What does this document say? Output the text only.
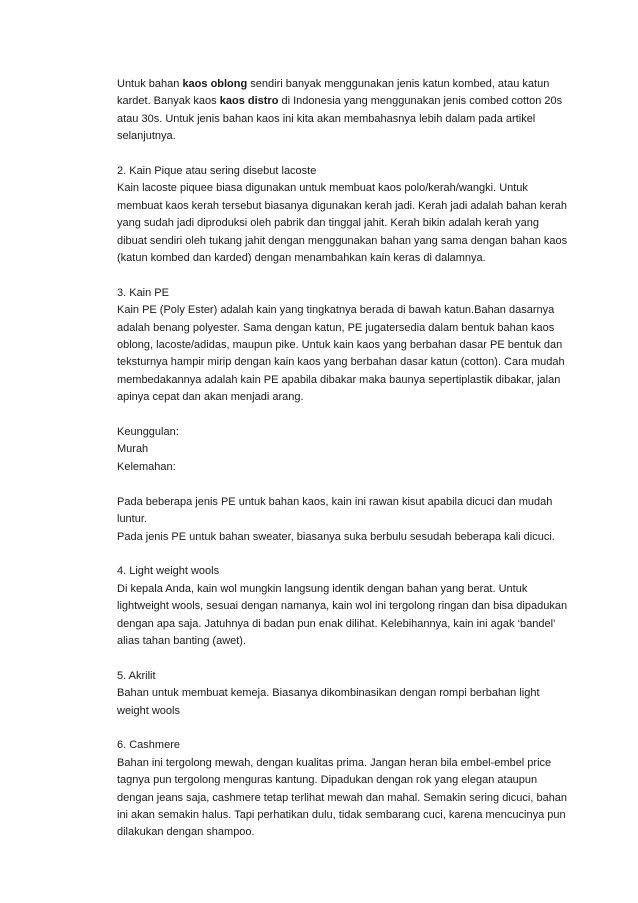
Untuk bahan kaos oblong sendiri banyak menggunakan jenis katun kombed, atau katun
kardet. Banyak kaos kaos distro di Indonesia yang menggunakan jenis combed cotton 20s
atau 30s. Untuk jenis bahan kaos ini kita akan membahasnya lebih dalam pada artikel
selanjutnya.
2. Kain Pique atau sering disebut lacoste
Kain lacoste piquee biasa digunakan untuk membuat kaos polo/kerah/wangki. Untuk
membuat kaos kerah tersebut biasanya digunakan kerah jadi. Kerah jadi adalah bahan kerah
yang sudah jadi diproduksi oleh pabrik dan tinggal jahit. Kerah bikin adalah kerah yang
dibuat sendiri oleh tukang jahit dengan menggunakan bahan yang sama dengan bahan kaos
(katun kombed dan karded) dengan menambahkan kain keras di dalamnya.
3. Kain PE
Kain PE (Poly Ester) adalah kain yang tingkatnya berada di bawah katun.Bahan dasarnya
adalah benang polyester. Sama dengan katun, PE jugatersedia dalam bentuk bahan kaos
oblong, lacoste/adidas, maupun pike. Untuk kain kaos yang berbahan dasar PE bentuk dan
teksturnya hampir mirip dengan kain kaos yang berbahan dasar katun (cotton). Cara mudah
membedakannya adalah kain PE apabila dibakar maka baunya sepertiplastik dibakar, jalan
apinya cepat dan akan menjadi arang.
Keunggulan:
Murah
Kelemahan:
Pada beberapa jenis PE untuk bahan kaos, kain ini rawan kisut apabila dicuci dan mudah
luntur.
Pada jenis PE untuk bahan sweater, biasanya suka berbulu sesudah beberapa kali dicuci.
4. Light weight wools
Di kepala Anda, kain wol mungkin langsung identik dengan bahan yang berat. Untuk
lightweight wools, sesuai dengan namanya, kain wol ini tergolong ringan dan bisa dipadukan
dengan apa saja. Jatuhnya di badan pun enak dilihat. Kelebihannya, kain ini agak ‘bandel’
alias tahan banting (awet).
5. Akrilit
Bahan untuk membuat kemeja. Biasanya dikombinasikan dengan rompi berbahan light
weight wools
6. Cashmere
Bahan ini tergolong mewah, dengan kualitas prima. Jangan heran bila embel-embel price
tagnya pun tergolong menguras kantung. Dipadukan dengan rok yang elegan ataupun
dengan jeans saja, cashmere tetap terlihat mewah dan mahal. Semakin sering dicuci, bahan
ini akan semakin halus. Tapi perhatikan dulu, tidak sembarang cuci, karena mencucinya pun
dilakukan dengan shampoo.
